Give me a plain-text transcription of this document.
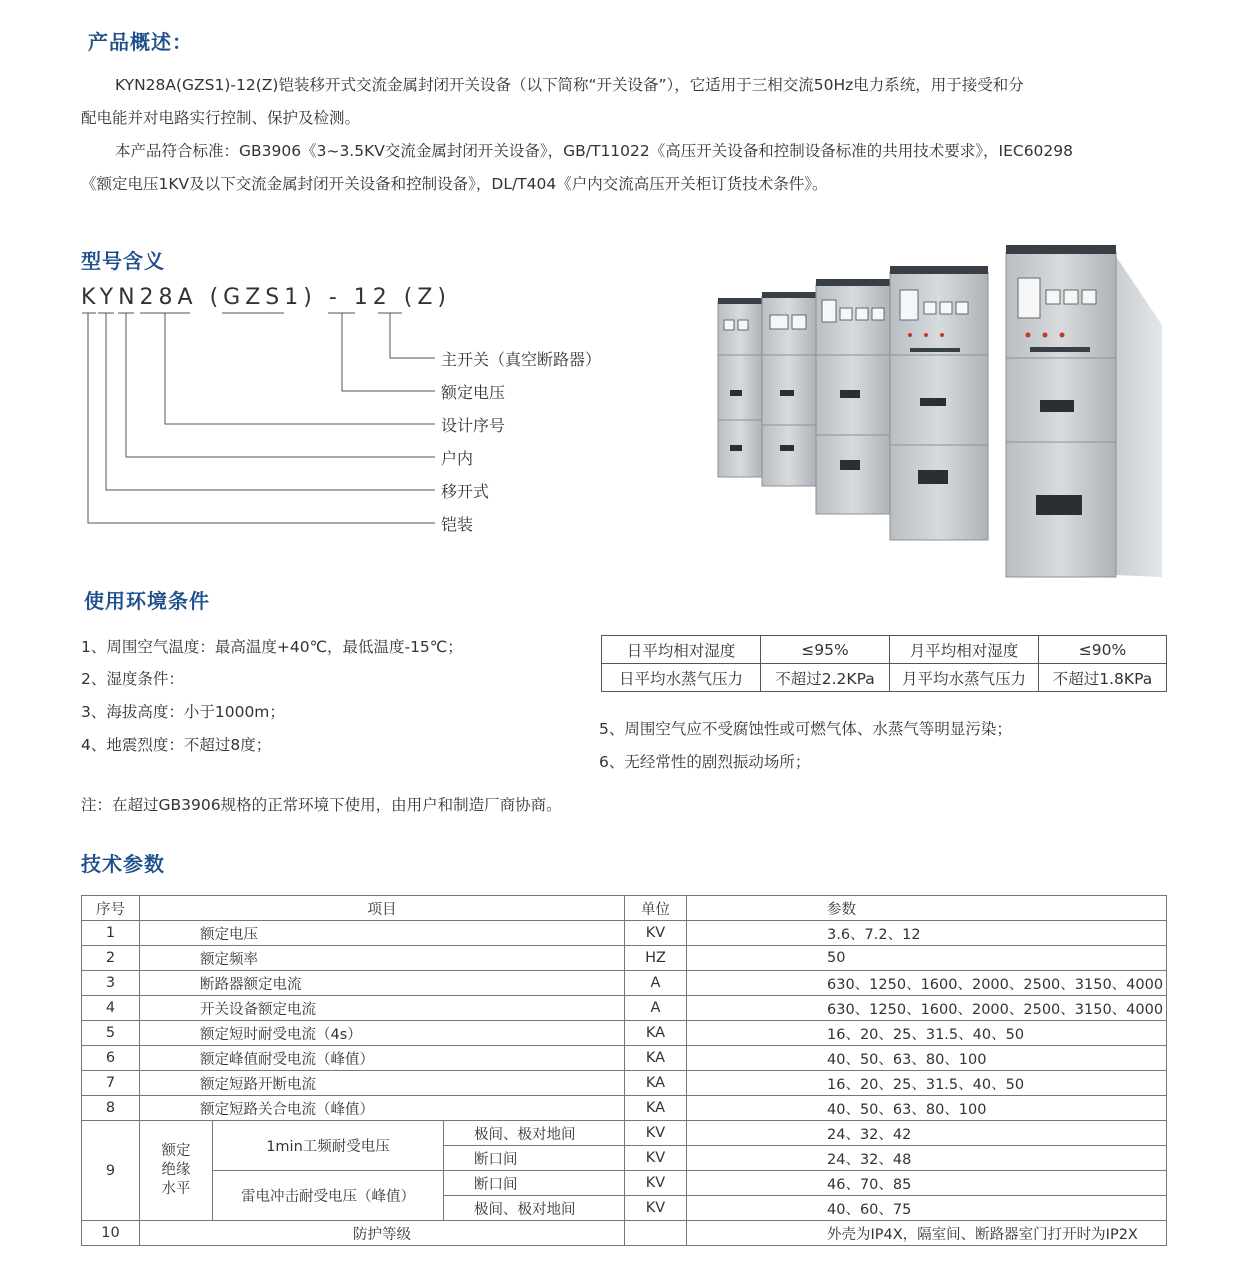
产品概述：
KYN28A(GZS1)-12(Z)铠装移开式交流金属封闭开关设备（以下简称“开关设备”），它适用于三相交流50Hz电力系统，用于接受和分
配电能并对电路实行控制、保护及检测。
本产品符合标准：GB3906《3~3.5KV交流金属封闭开关设备》，GB/T11022《高压开关设备和控制设备标准的共用技术要求》，IEC60298
《额定电压1KV及以下交流金属封闭开关设备和控制设备》，DL/T404《户内交流高压开关柜订货技术条件》。
型号含义
KYN28A (GZS1) - 12 (Z)
主开关（真空断路器）
额定电压
设计序号
户内
移开式
铠装
使用环境条件
1、周围空气温度：最高温度+40℃，最低温度-15℃；
2、湿度条件：
3、海拔高度：小于1000m；
4、地震烈度：不超过8度；
日平均相对湿度	≤95%	月平均相对湿度	≤90%
日平均水蒸气压力	不超过2.2KPa	月平均水蒸气压力	不超过1.8KPa
5、周围空气应不受腐蚀性或可燃气体、水蒸气等明显污染；
6、无经常性的剧烈振动场所；
注：在超过GB3906规格的正常环境下使用，由用户和制造厂商协商。
技术参数
序号	项目			单位	参数
1	额定电压			KV	3.6、7.2、12
2	额定频率			HZ	50
3	断路器额定电流			A	630、1250、1600、2000、2500、3150、4000
4	开关设备额定电流			A	630、1250、1600、2000、2500、3150、4000
5	额定短时耐受电流（4s）			KA	16、20、25、31.5、40、50
6	额定峰值耐受电流（峰值）			KA	40、50、63、80、100
7	额定短路开断电流			KA	16、20、25、31.5、40、50
8	额定短路关合电流（峰值）			KA	40、50、63、80、100
9	额定
绝缘
水平	1min工频耐受电压	极间、极对地间	KV	24、32、42
			断口间	KV	24、32、48
		雷电冲击耐受电压（峰值）	断口间	KV	46、70、85
			极间、极对地间	KV	40、60、75
10	防护等级				外壳为IP4X，隔室间、断路器室门打开时为IP2X
